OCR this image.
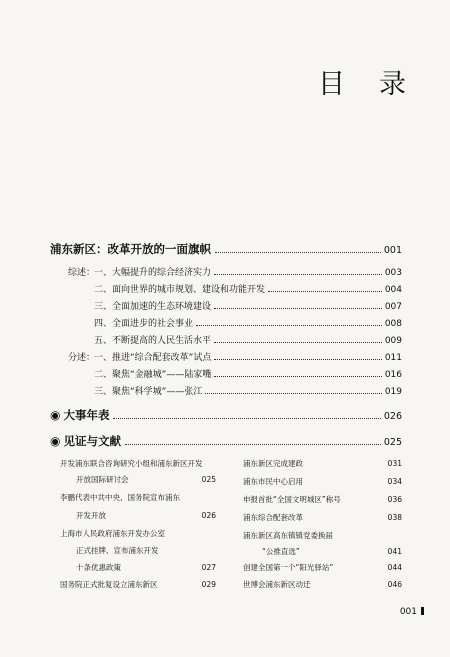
目录
浦东新区：改革开放的一面旗帜	001
综述：
一、大幅提升的综合经济实力	003
二、面向世界的城市规划、建设和功能开发	004
三、全面加速的生态环境建设	007
四、全面进步的社会事业	008
五、不断提高的人民生活水平	009
分述：
一、推进“综合配套改革”试点	011
二、聚焦“金融城”——陆家嘴	016
三、聚焦“科学城”——张江	019
◉ 大事年表	026
◉ 见证与文献	025
开发浦东联合咨询研究小组和浦东新区开发
开放国际研讨会	025
李鹏代表中共中央、国务院宣布浦东
开发开放	026
上海市人民政府浦东开发办公室
正式挂牌、宣布浦东开发
十条优惠政策	027
国务院正式批复设立浦东新区	029
浦东新区完成建政	031
浦东市民中心启用	034
申报首批“全国文明城区”称号	036
浦东综合配套改革	038
浦东新区高东镇镇党委换届
“公推直选”	041
创建全国第一个“阳光驿站”	044
世博会浦东新区动迁	046
001
